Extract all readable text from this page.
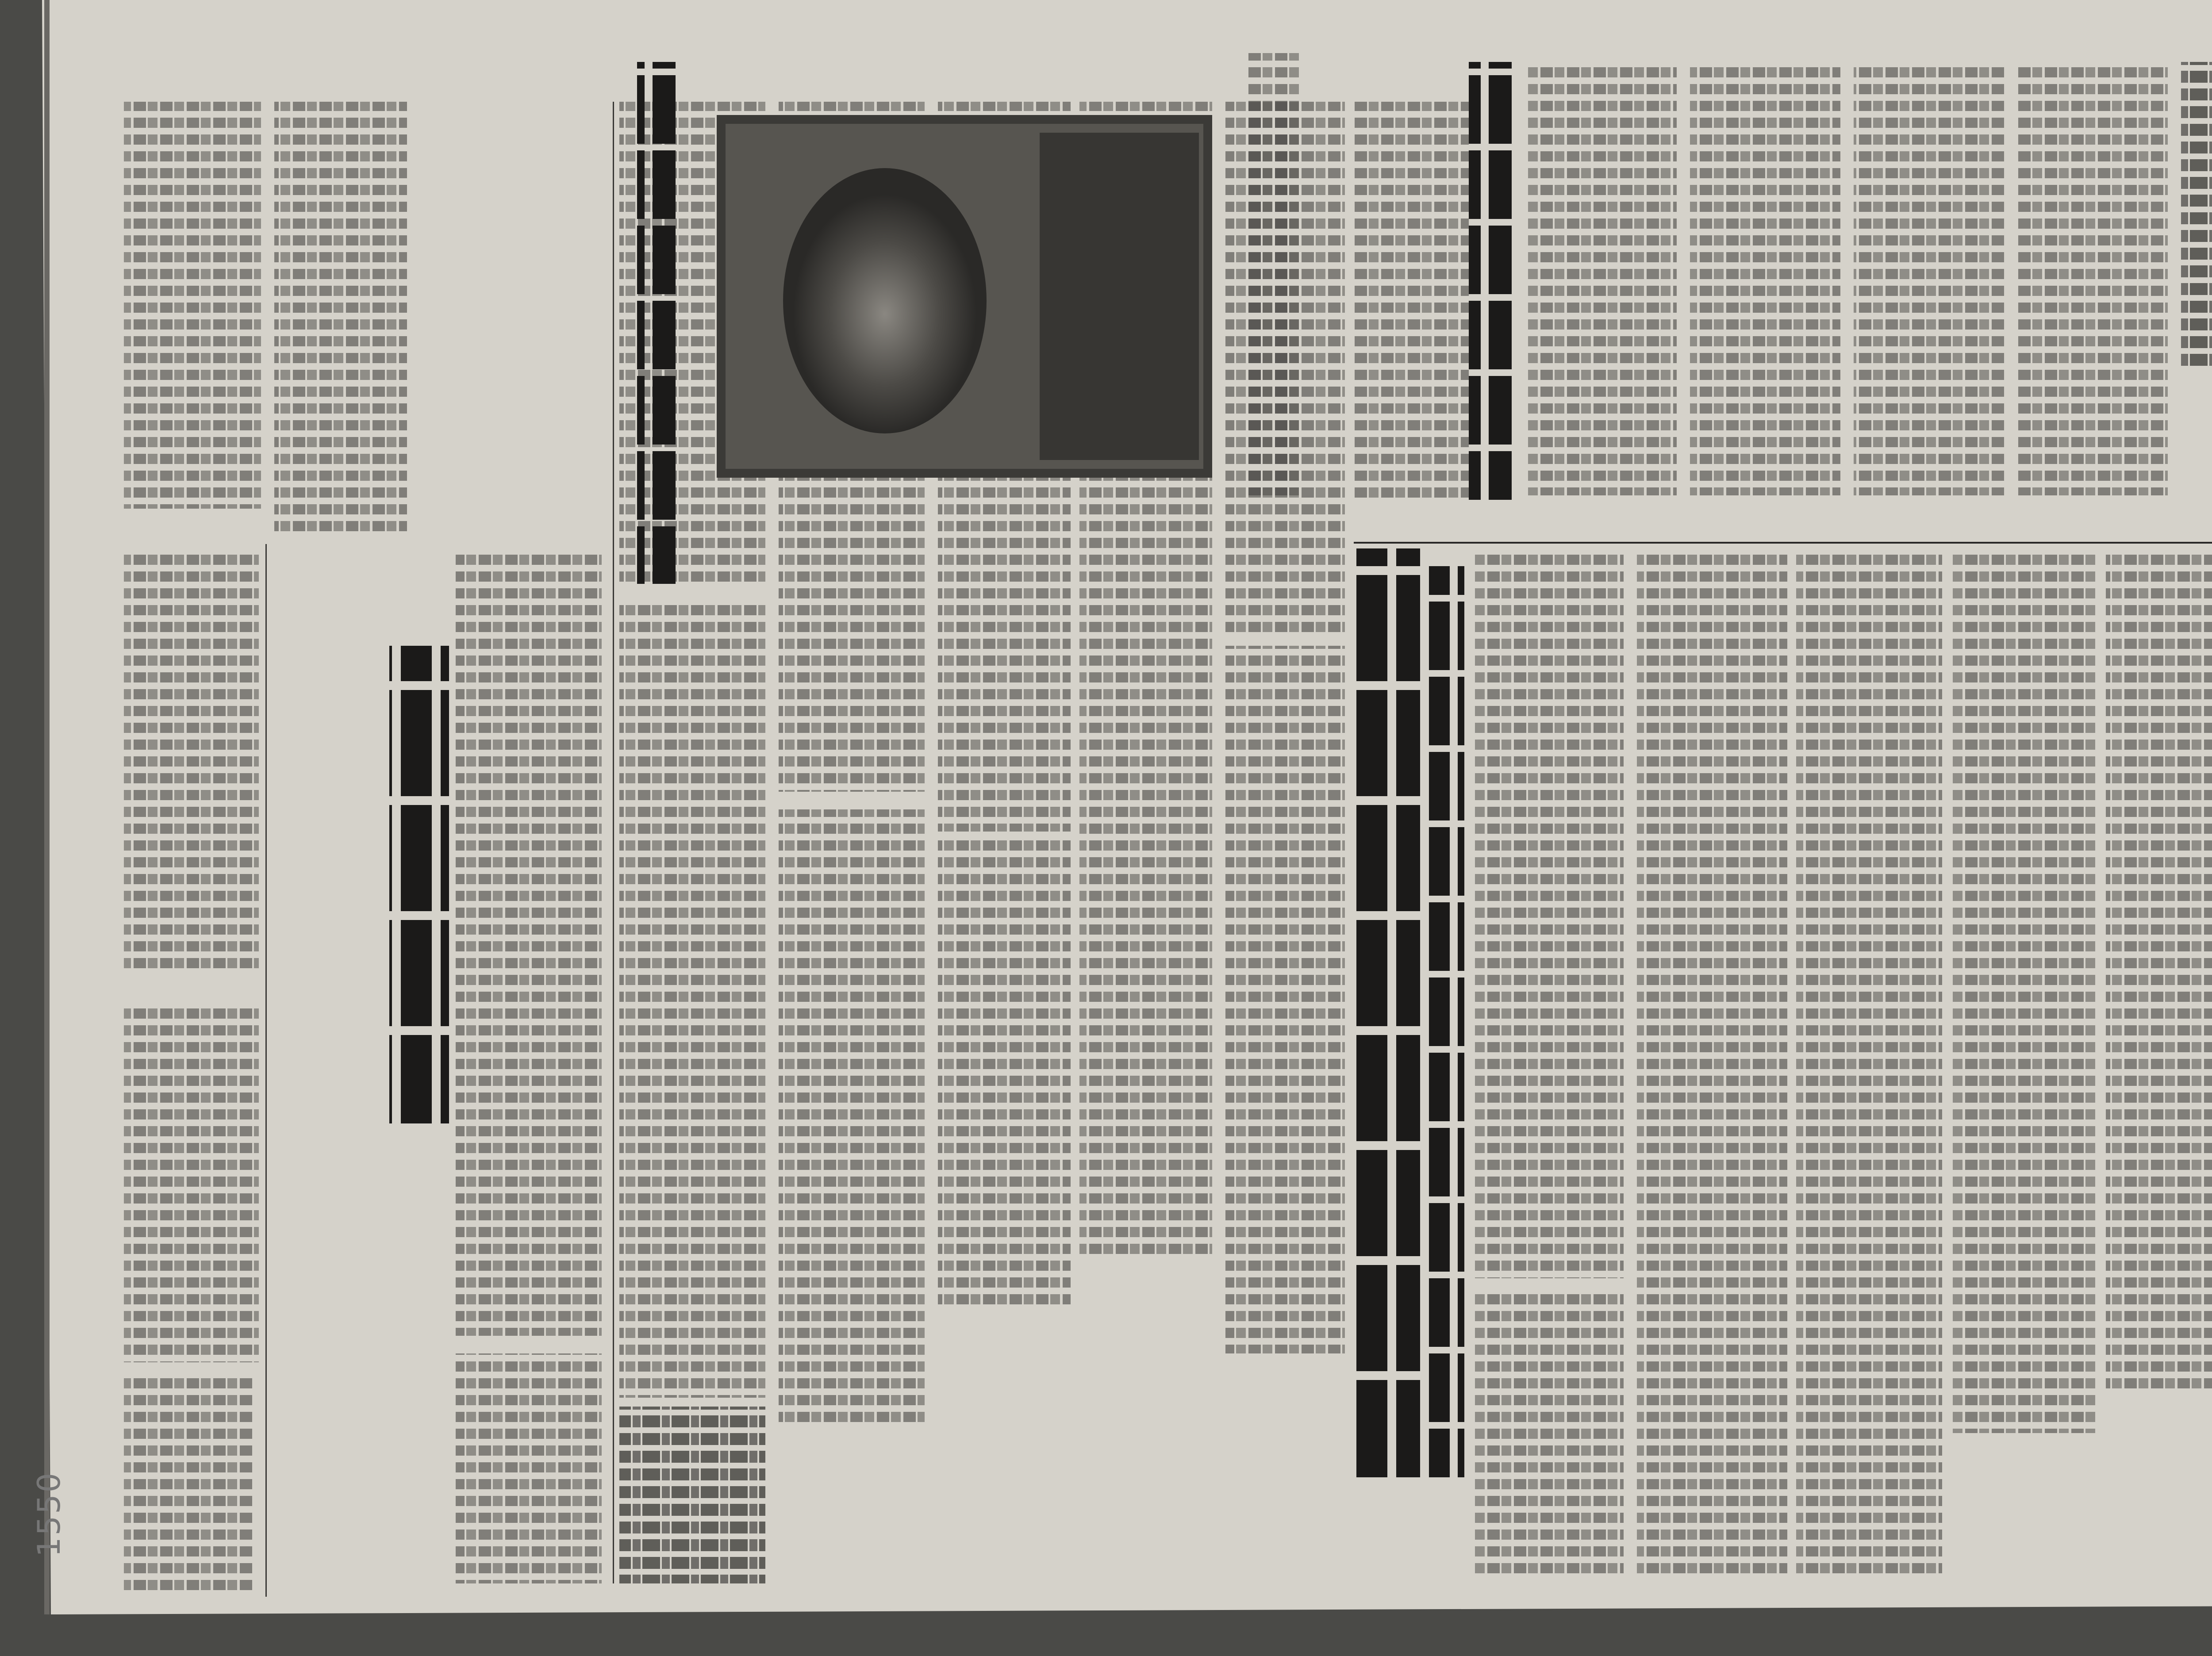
1550
